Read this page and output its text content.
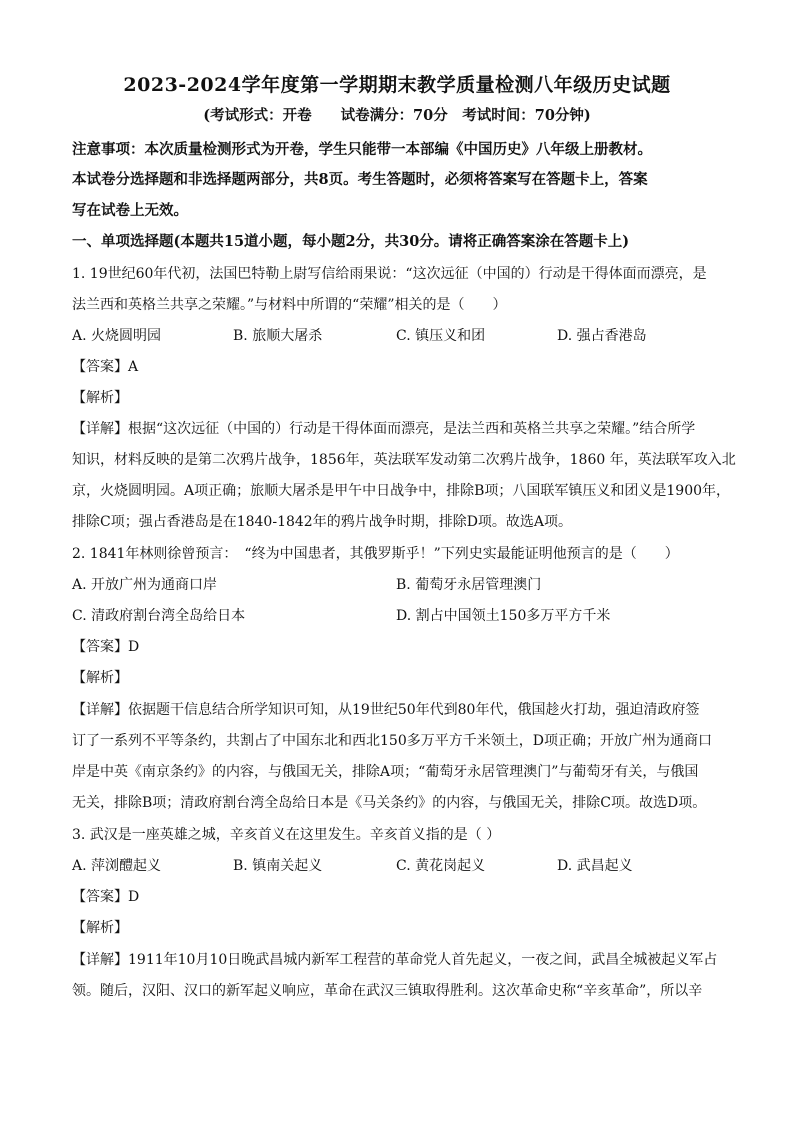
2023-2024学年度第一学期期末教学质量检测八年级历史试题
(考试形式：开卷　　试卷满分：70分　考试时间：70分钟)
注意事项：本次质量检测形式为开卷，学生只能带一本部编《中国历史》八年级上册教材。
本试卷分选择题和非选择题两部分，共8页。考生答题时，必须将答案写在答题卡上，答案
写在试卷上无效。
一、单项选择题(本题共15道小题，每小题2分，共30分。请将正确答案涂在答题卡上)
1. 19世纪60年代初，法国巴特勒上尉写信给雨果说：“这次远征（中国的）行动是干得体面而漂亮，是
法兰西和英格兰共享之荣耀。”与材料中所谓的“荣耀”相关的是（　　）
A. 火烧圆明园	B. 旅顺大屠杀	C. 镇压义和团	D. 强占香港岛
【答案】A
【解析】
【详解】根据“这次远征（中国的）行动是干得体面而漂亮，是法兰西和英格兰共享之荣耀。”结合所学
知识，材料反映的是第二次鸦片战争，1856年，英法联军发动第二次鸦片战争，1860 年，英法联军攻入北
京，火烧圆明园。A项正确；旅顺大屠杀是甲午中日战争中，排除B项；八国联军镇压义和团义是1900年，
排除C项；强占香港岛是在1840-1842年的鸦片战争时期，排除D项。故选A项。
2. 1841年林则徐曾预言：　“终为中国患者，其俄罗斯乎！”下列史实最能证明他预言的是（　　）
A. 开放广州为通商口岸	B. 葡萄牙永居管理澳门
C. 清政府割台湾全岛给日本	D. 割占中国领土150多万平方千米
【答案】D
【解析】
【详解】依据题干信息结合所学知识可知，从19世纪50年代到80年代，俄国趁火打劫，强迫清政府签
订了一系列不平等条约，共割占了中国东北和西北150多万平方千米领土，D项正确；开放广州为通商口
岸是中英《南京条约》的内容，与俄国无关，排除A项；“葡萄牙永居管理澳门”与葡萄牙有关，与俄国
无关，排除B项；清政府割台湾全岛给日本是《马关条约》的内容，与俄国无关，排除C项。故选D项。
3. 武汉是一座英雄之城，辛亥首义在这里发生。辛亥首义指的是（ ）
A. 萍浏醴起义	B. 镇南关起义	C. 黄花岗起义	D. 武昌起义
【答案】D
【解析】
【详解】1911年10月10日晚武昌城内新军工程营的革命党人首先起义，一夜之间，武昌全城被起义军占
领。随后，汉阳、汉口的新军起义响应，革命在武汉三镇取得胜利。这次革命史称“辛亥革命”，所以辛
